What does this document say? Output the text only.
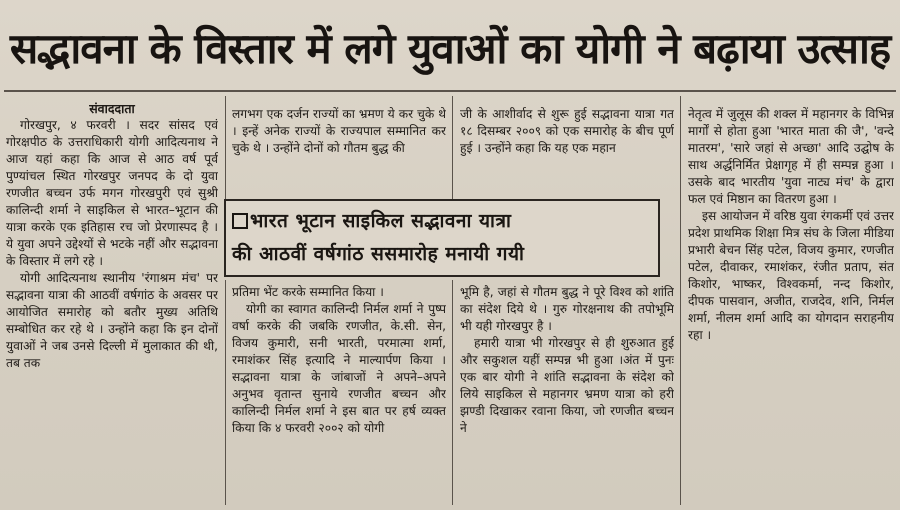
सद्भावना के विस्तार में लगे युवाओं का योगी ने बढ़ाया उत्साह

संवाददाता

गोरखपुर, ४ फरवरी । सदर सांसद एवं गोरक्षपीठ के उत्तराधिकारी योगी आदित्यनाथ ने आज यहां कहा कि आज से आठ वर्ष पूर्व पुण्यांचल स्थित गोरखपुर जनपद के दो युवा रणजीत बच्चन उर्फ मगन गोरखपुरी एवं सुश्री कालिन्दी शर्मा ने साइकिल से भारत–भूटान की यात्रा करके एक इतिहास रच जो प्रेरणास्पद है । ये युवा अपने उद्देश्यों से भटके नहीं और सद्भावना के विस्तार में लगे रहे ।

योगी आदित्यनाथ स्थानीय 'रंगाश्रम मंच' पर सद्भावना यात्रा की आठवीं वर्षगांठ के अवसर पर आयोजित समारोह को बतौर मुख्य अतिथि सम्बोधित कर रहे थे । उन्होंने कहा कि इन दोनों युवाओं ने जब उनसे दिल्ली में मुलाकात की थी, तब तक

लगभग एक दर्जन राज्यों का भ्रमण ये कर चुके थे । इन्हें अनेक राज्यों के राज्यपाल सम्मानित कर चुके थे । उन्होंने दोनों को गौतम बुद्ध की

जी के आशीर्वाद से शुरू हुई सद्भावना यात्रा गत १८ दिसम्बर २००९ को एक समारोह के बीच पूर्ण हुई । उन्होंने कहा कि यह एक महान

भारत भूटान साइकिल सद्भावना यात्रा
की आठवीं वर्षगांठ ससमारोह मनायी गयी

प्रतिमा भेंट करके सम्मानित किया ।

योगी का स्वागत कालिन्दी निर्मल शर्मा ने पुष्प वर्षा करके की जबकि रणजीत, के.सी. सेन, विजय कुमारी, सनी भारती, परमात्मा शर्मा, रमाशंकर सिंह इत्यादि ने माल्यार्पण किया । सद्भावना यात्रा के जांबाजों ने अपने–अपने अनुभव वृतान्त सुनाये रणजीत बच्चन और कालिन्दी निर्मल शर्मा ने इस बात पर हर्ष व्यक्त किया कि ४ फरवरी २००२ को योगी

भूमि है, जहां से गौतम बुद्ध ने पूरे विश्व को शांति का संदेश दिये थे । गुरु गोरक्षनाथ की तपोभूमि भी यही गोरखपुर है ।

हमारी यात्रा भी गोरखपुर से ही शुरुआत हुई और सकुशल यहीं सम्पन्न भी हुआ ।अंत में पुनः एक बार योगी ने शांति सद्भावना के संदेश को लिये साइकिल से महानगर भ्रमण यात्रा को हरी झण्डी दिखाकर रवाना किया, जो रणजीत बच्चन ने

नेतृत्व में जुलूस की शक्ल में महानगर के विभिन्न मार्गों से होता हुआ 'भारत माता की जै', 'वन्दे मातरम', 'सारे जहां से अच्छा' आदि उद्घोष के साथ अर्द्धनिर्मित प्रेक्षागृह में ही सम्पन्न हुआ । उसके बाद भारतीय 'युवा नाट्य मंच' के द्वारा फल एवं मिष्ठान का वितरण हुआ ।

इस आयोजन में वरिष्ठ युवा रंगकर्मी एवं उत्तर प्रदेश प्राथमिक शिक्षा मित्र संघ के जिला मीडिया प्रभारी बेचन सिंह पटेल, विजय कुमार, रणजीत पटेल, दीवाकर, रमाशंकर, रंजीत प्रताप, संत किशोर, भाष्कर, विश्वकर्मा, नन्द किशोर, दीपक पासवान, अजीत, राजदेव, शनि, निर्मल शर्मा, नीलम शर्मा आदि का योगदान सराहनीय रहा ।
